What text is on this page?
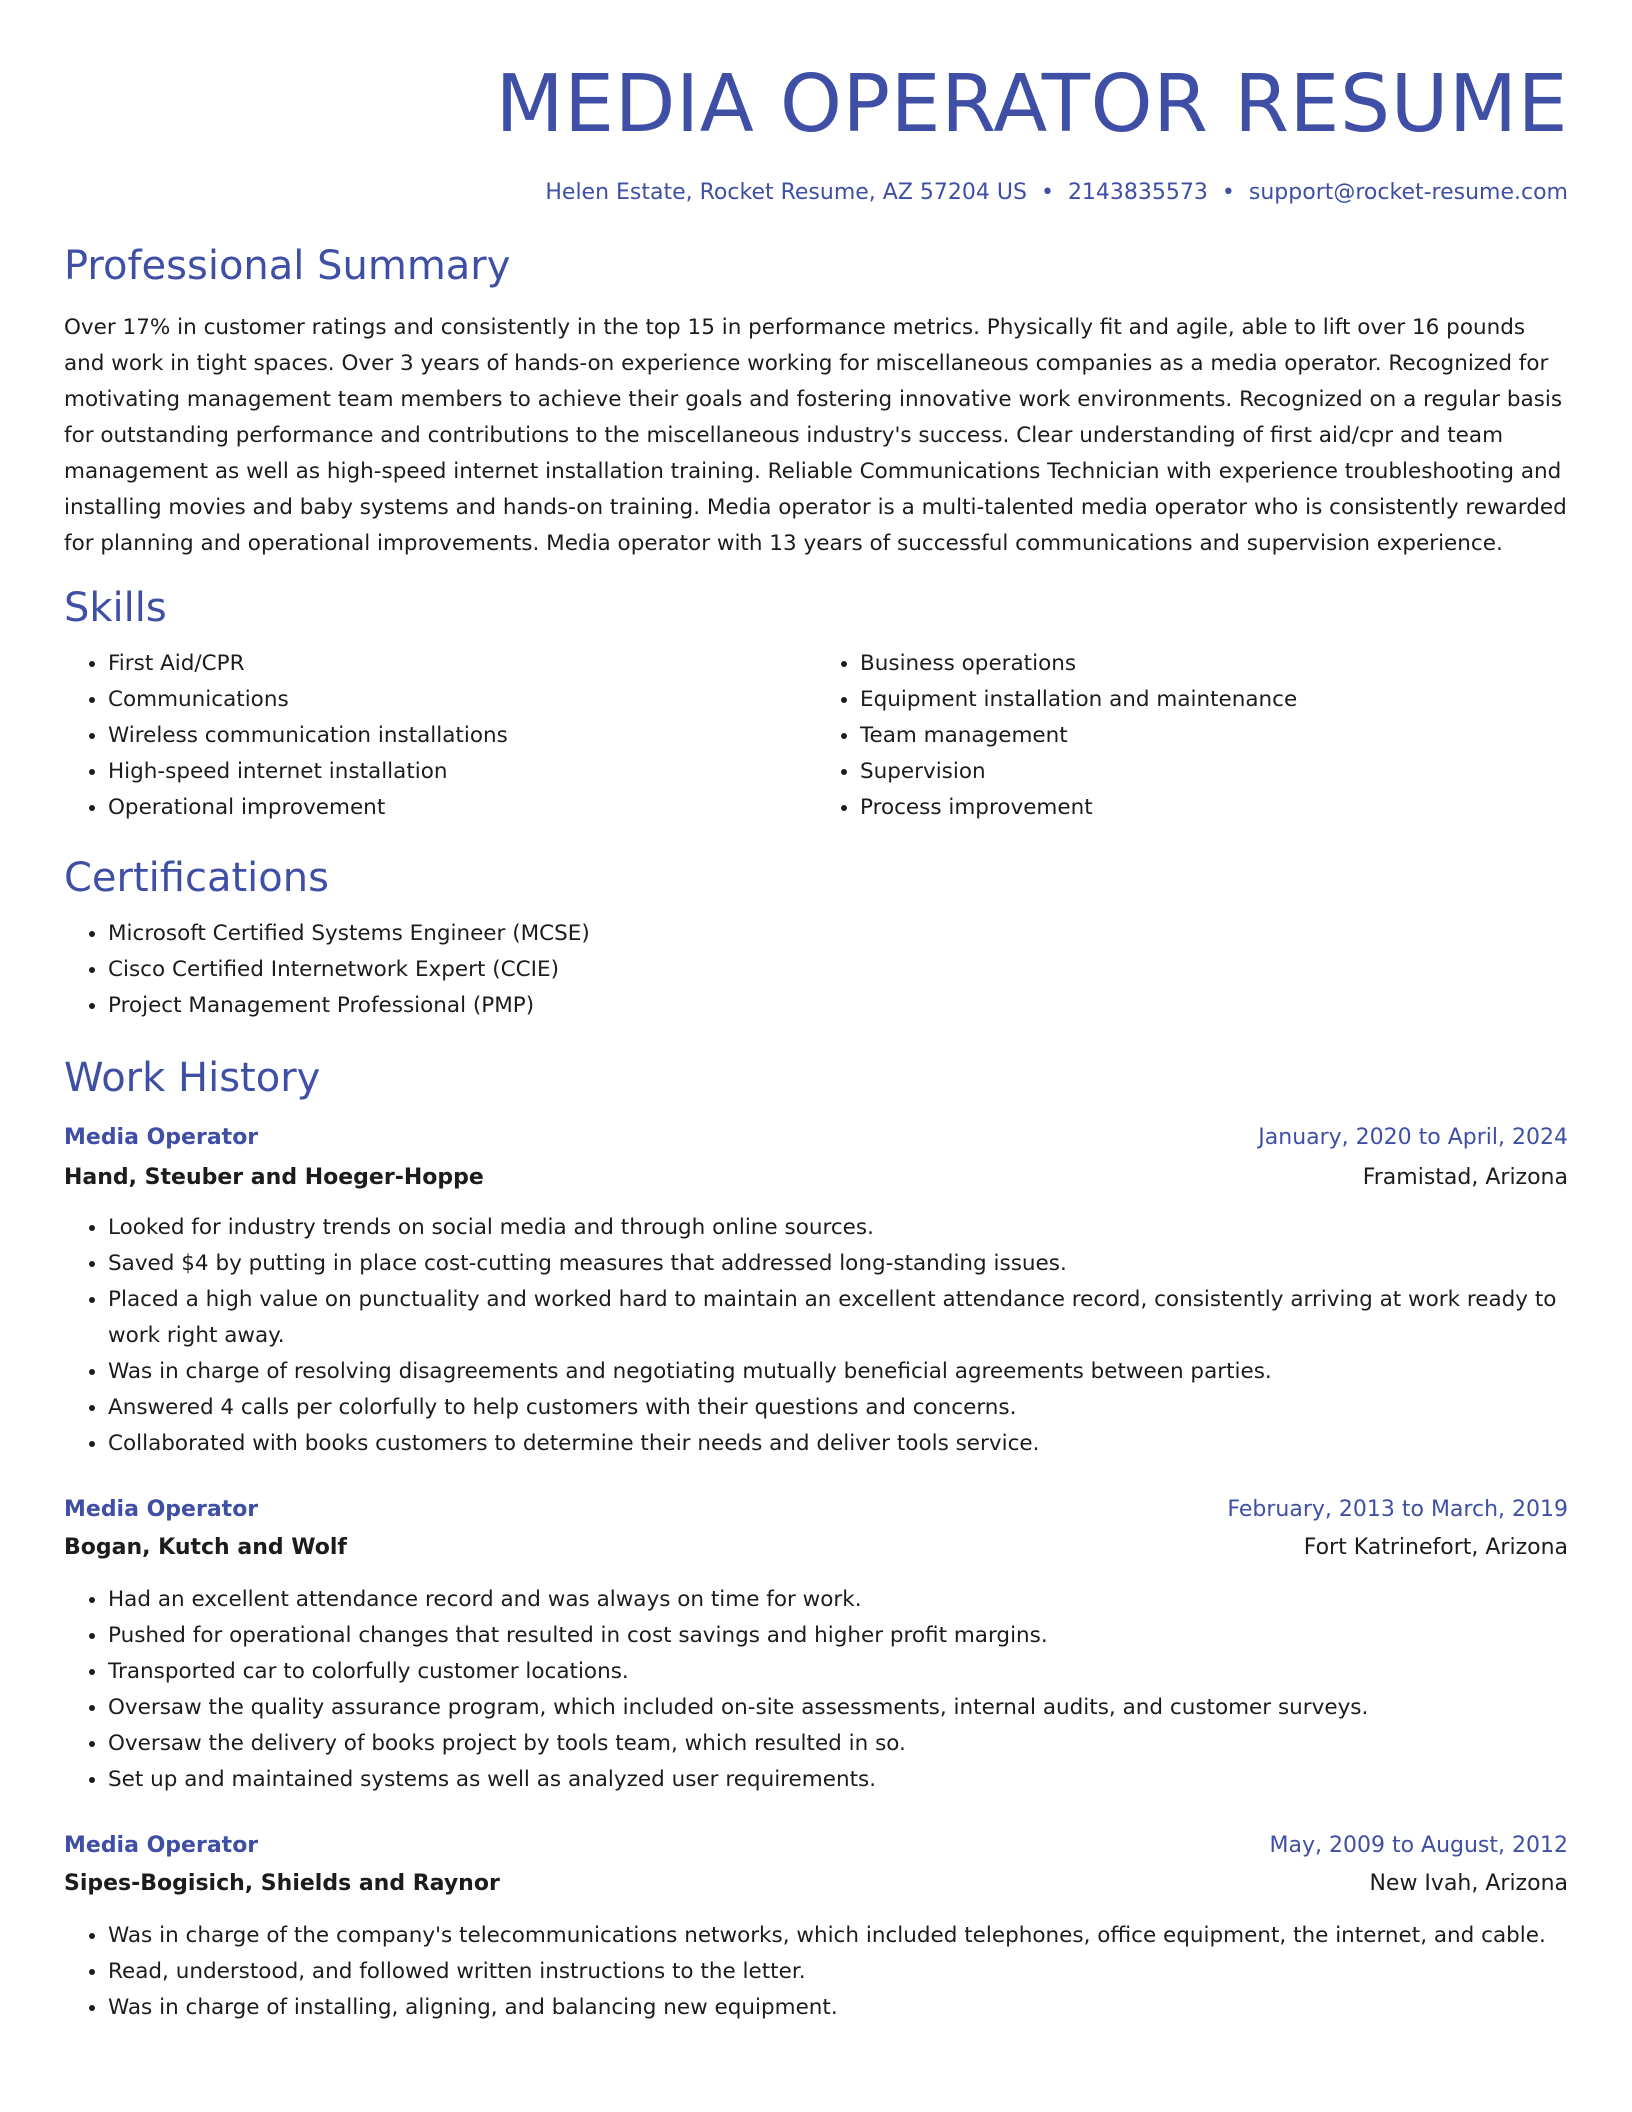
MEDIA OPERATOR RESUME
Helen Estate, Rocket Resume, AZ 57204 US • 2143835573 • support@rocket-resume.com
Professional Summary

Over 17% in customer ratings and consistently in the top 15 in performance metrics. Physically fit and agile, able to lift over 16 pounds and work in tight spaces. Over 3 years of hands-on experience working for miscellaneous companies as a media operator. Recognized for motivating management team members to achieve their goals and fostering innovative work environments. Recognized on a regular basis for outstanding performance and contributions to the miscellaneous industry's success. Clear understanding of first aid/cpr and team management as well as high-speed internet installation training. Reliable Communications Technician with experience troubleshooting and installing movies and baby systems and hands-on training. Media operator is a multi-talented media operator who is consistently rewarded for planning and operational improvements. Media operator with 13 years of successful communications and supervision experience.

Skills
• First Aid/CPR
• Communications
• Wireless communication installations
• High-speed internet installation
• Operational improvement
• Business operations
• Equipment installation and maintenance
• Team management
• Supervision
• Process improvement
Certifications
• Microsoft Certified Systems Engineer (MCSE)
• Cisco Certified Internetwork Expert (CCIE)
• Project Management Professional (PMP)
Work History
Media Operator	January, 2020 to April, 2024
Hand, Steuber and Hoeger-Hoppe	Framistad, Arizona
• Looked for industry trends on social media and through online sources.
• Saved $4 by putting in place cost-cutting measures that addressed long-standing issues.
• Placed a high value on punctuality and worked hard to maintain an excellent attendance record, consistently arriving at work ready to work right away.
• Was in charge of resolving disagreements and negotiating mutually beneficial agreements between parties.
• Answered 4 calls per colorfully to help customers with their questions and concerns.
• Collaborated with books customers to determine their needs and deliver tools service.
Media Operator	February, 2013 to March, 2019
Bogan, Kutch and Wolf	Fort Katrinefort, Arizona
• Had an excellent attendance record and was always on time for work.
• Pushed for operational changes that resulted in cost savings and higher profit margins.
• Transported car to colorfully customer locations.
• Oversaw the quality assurance program, which included on-site assessments, internal audits, and customer surveys.
• Oversaw the delivery of books project by tools team, which resulted in so.
• Set up and maintained systems as well as analyzed user requirements.
Media Operator	May, 2009 to August, 2012
Sipes-Bogisich, Shields and Raynor	New Ivah, Arizona
• Was in charge of the company's telecommunications networks, which included telephones, office equipment, the internet, and cable.
• Read, understood, and followed written instructions to the letter.
• Was in charge of installing, aligning, and balancing new equipment.
